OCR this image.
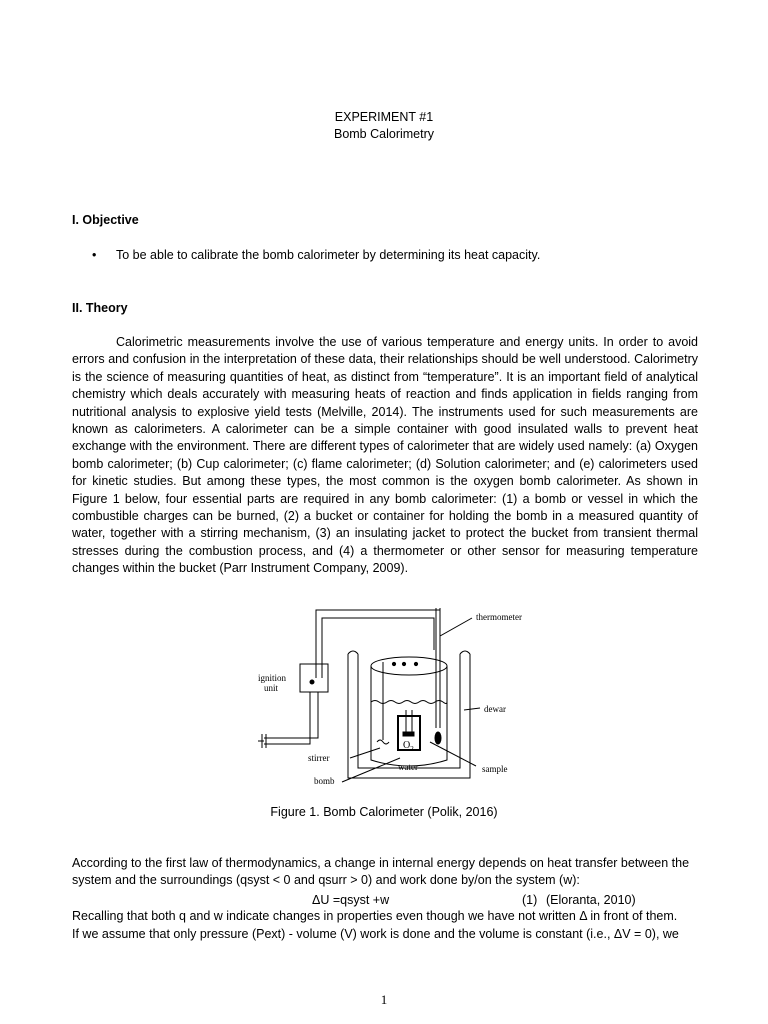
EXPERIMENT #1
Bomb Calorimetry
I. Objective
• To be able to calibrate the bomb calorimeter by determining its heat capacity.
II. Theory
Calorimetric measurements involve the use of various temperature and energy units. In order to avoid errors and confusion in the interpretation of these data, their relationships should be well understood. Calorimetry is the science of measuring quantities of heat, as distinct from “temperature”. It is an important field of analytical chemistry which deals accurately with measuring heats of reaction and finds application in fields ranging from nutritional analysis to explosive yield tests (Melville, 2014). The instruments used for such measurements are known as calorimeters. A calorimeter can be a simple container with good insulated walls to prevent heat exchange with the environment. There are different types of calorimeter that are widely used namely: (a) Oxygen bomb calorimeter; (b) Cup calorimeter; (c) flame calorimeter; (d) Solution calorimeter; and (e) calorimeters used for kinetic studies. But among these types, the most common is the oxygen bomb calorimeter. As shown in Figure 1 below, four essential parts are required in any bomb calorimeter: (1) a bomb or vessel in which the combustible charges can be burned, (2) a bucket or container for holding the bomb in a measured quantity of water, together with a stirring mechanism, (3) an insulating jacket to protect the bucket from transient thermal stresses during the combustion process, and (4) a thermometer or other sensor for measuring temperature changes within the bucket (Parr Instrument Company, 2009).
thermometer
ignition
unit
dewar
stirrer
bomb
water	sample
$O_2$
Figure 1. Bomb Calorimeter (Polik, 2016)
According to the first law of thermodynamics, a change in internal energy depends on heat transfer between the
system and the surroundings (qsyst < 0 and qsurr > 0) and work done by/on the system (w):
ΔU =qsyst +w	(1) (Eloranta, 2010)
Recalling that both q and w indicate changes in properties even though we have not written Δ in front of them.
If we assume that only pressure (Pext) - volume (V) work is done and the volume is constant (i.e., ΔV = 0), we
1
